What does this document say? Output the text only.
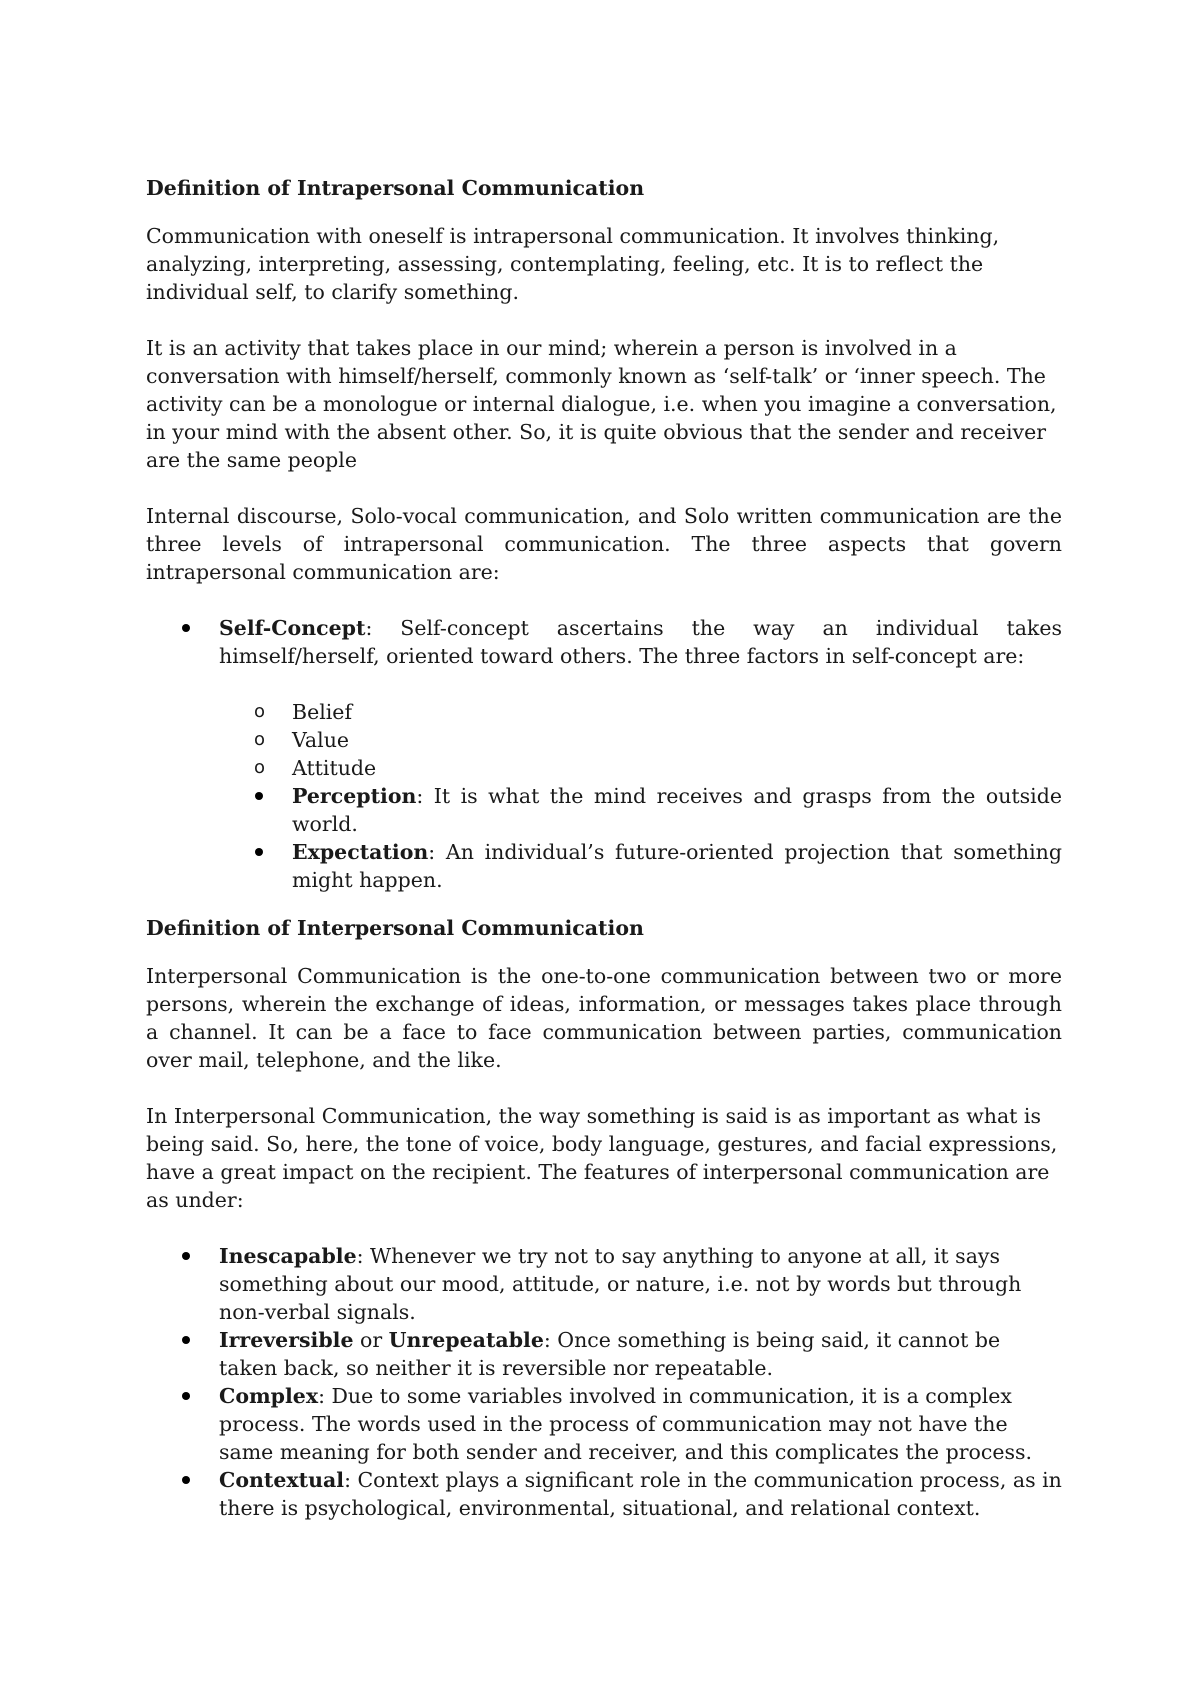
Definition of Intrapersonal Communication

Communication with oneself is intrapersonal communication. It involves thinking, analyzing, interpreting, assessing, contemplating, feeling, etc. It is to reflect the individual self, to clarify something.

It is an activity that takes place in our mind; wherein a person is involved in a conversation with himself/herself, commonly known as ‘self-talk’ or ‘inner speech. The activity can be a monologue or internal dialogue, i.e. when you imagine a conversation, in your mind with the absent other. So, it is quite obvious that the sender and receiver are the same people

Internal discourse, Solo-vocal communication, and Solo written communication are the three levels of intrapersonal communication. The three aspects that govern intrapersonal communication are:

Self-Concept: Self-concept ascertains the way an individual takes himself/herself, oriented toward others. The three factors in self-concept are:
o Belief
o Value
o Attitude
Perception: It is what the mind receives and grasps from the outside world.
Expectation: An individual’s future-oriented projection that something might happen.
Definition of Interpersonal Communication

Interpersonal Communication is the one-to-one communication between two or more persons, wherein the exchange of ideas, information, or messages takes place through a channel. It can be a face to face communication between parties, communication over mail, telephone, and the like.

In Interpersonal Communication, the way something is said is as important as what is being said. So, here, the tone of voice, body language, gestures, and facial expressions, have a great impact on the recipient. The features of interpersonal communication are as under:

Inescapable: Whenever we try not to say anything to anyone at all, it says something about our mood, attitude, or nature, i.e. not by words but through non-verbal signals.
Irreversible or Unrepeatable: Once something is being said, it cannot be taken back, so neither it is reversible nor repeatable.
Complex: Due to some variables involved in communication, it is a complex process. The words used in the process of communication may not have the same meaning for both sender and receiver, and this complicates the process.
Contextual: Context plays a significant role in the communication process, as in there is psychological, environmental, situational, and relational context.
